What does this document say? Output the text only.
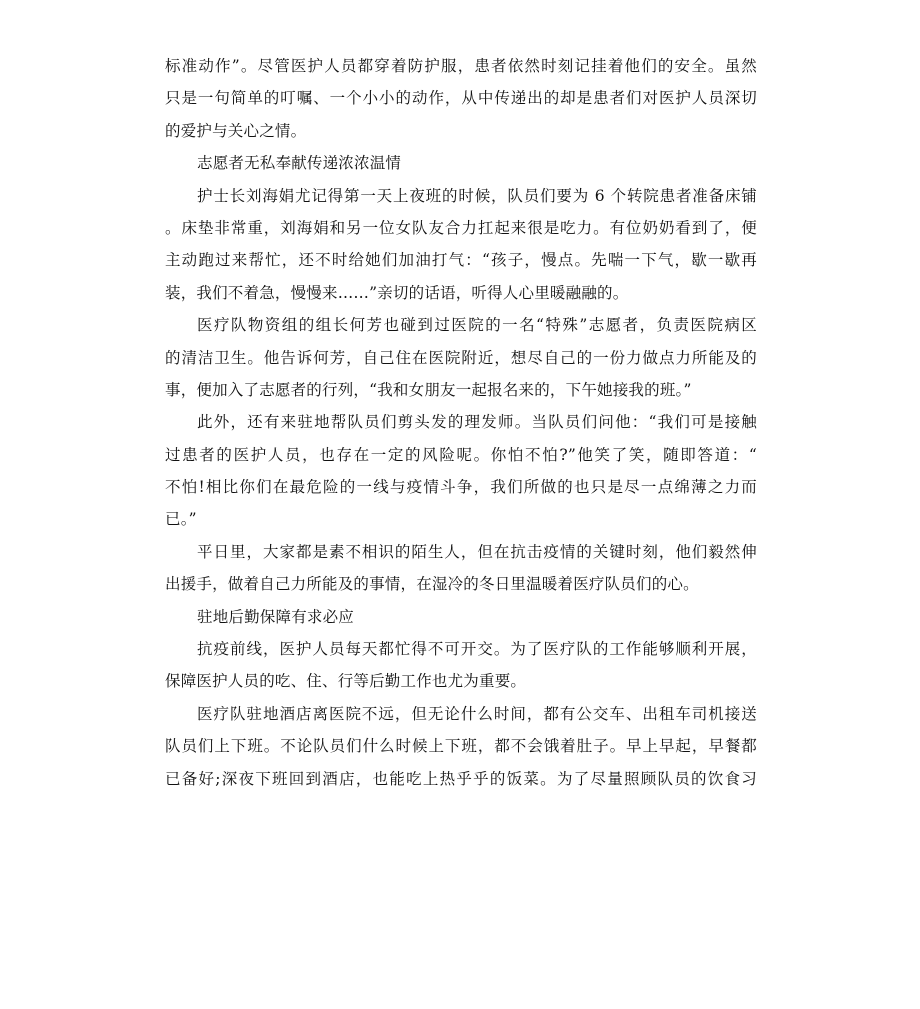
标准动作”。尽管医护人员都穿着防护服，患者依然时刻记挂着他们的安全。虽然
只是一句简单的叮嘱、一个小小的动作，从中传递出的却是患者们对医护人员深切
的爱护与关心之情。
志愿者无私奉献传递浓浓温情
护士长刘海娟尤记得第一天上夜班的时候，队员们要为 6 个转院患者准备床铺
。床垫非常重，刘海娟和另一位女队友合力扛起来很是吃力。有位奶奶看到了，便
主动跑过来帮忙，还不时给她们加油打气：“孩子，慢点。先喘一下气，歇一歇再
装，我们不着急，慢慢来……”亲切的话语，听得人心里暖融融的。
医疗队物资组的组长何芳也碰到过医院的一名“特殊”志愿者，负责医院病区
的清洁卫生。他告诉何芳，自己住在医院附近，想尽自己的一份力做点力所能及的
事，便加入了志愿者的行列，“我和女朋友一起报名来的，下午她接我的班。”
此外，还有来驻地帮队员们剪头发的理发师。当队员们问他：“我们可是接触
过患者的医护人员，也存在一定的风险呢。你怕不怕?”他笑了笑，随即答道：“
不怕!相比你们在最危险的一线与疫情斗争，我们所做的也只是尽一点绵薄之力而
已。”
平日里，大家都是素不相识的陌生人，但在抗击疫情的关键时刻，他们毅然伸
出援手，做着自己力所能及的事情，在湿冷的冬日里温暖着医疗队员们的心。
驻地后勤保障有求必应
抗疫前线，医护人员每天都忙得不可开交。为了医疗队的工作能够顺利开展，
保障医护人员的吃、住、行等后勤工作也尤为重要。
医疗队驻地酒店离医院不远，但无论什么时间，都有公交车、出租车司机接送
队员们上下班。不论队员们什么时候上下班，都不会饿着肚子。早上早起，早餐都
已备好;深夜下班回到酒店，也能吃上热乎乎的饭菜。为了尽量照顾队员的饮食习
